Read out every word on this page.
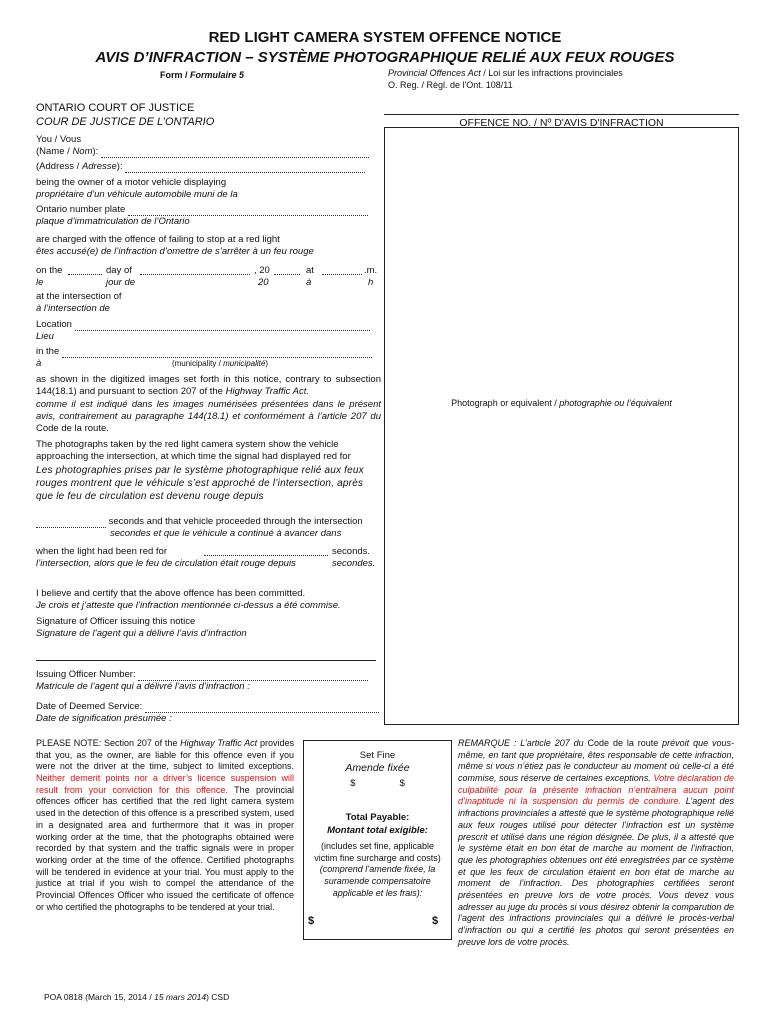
RED LIGHT CAMERA SYSTEM OFFENCE NOTICE
AVIS D’INFRACTION – SYSTÈME PHOTOGRAPHIQUE RELIÉ AUX FEUX ROUGES
Form / Formulaire 5	Provincial Offences Act / Loi sur les infractions provinciales
O. Reg. / Règl. de l'Ont. 108/11
ONTARIO COURT OF JUSTICE
COUR DE JUSTICE DE L’ONTARIO	OFFENCE NO. / Nº D'AVIS D'INFRACTION
Photograph or equivalent / photographie ou l’équivalent
You / Vous
(Name / Nom):
(Address / Adresse):
being the owner of a motor vehicle displaying
propriétaire d’un véhicule automobile muni de la
Ontario number plate
plaque d’immatriculation de l’Ontario
are charged with the offence of failing to stop at a red light
êtes accusé(e) de l’infraction d’omettre de s’arrêter à un feu rouge
on the
le
day of
jour de
, 20
20
at
à
.m.
h
at the intersection of
à l’intersection de
Location
Lieu
in the
à	(municipality / municipalité)
as shown in the digitized images set forth in this notice, contrary to subsection 144(18.1) and pursuant to section 207 of the Highway Traffic Act.
comme il est indiqué dans les images numérisées présentées dans le présent avis, contrairement au paragraphe 144(18.1) et conformément à l’article 207 du Code de la route.
The photographs taken by the red light camera system show the vehicle approaching the intersection, at which time the signal had displayed red for
Les photographies prises par le système photographique relié aux feux rouges montrent que le véhicule s’est approché de l’intersection, après que le feu de circulation est devenu rouge depuis
seconds and that vehicle proceeded through the intersection
secondes et que le véhicule a continué à avancer dans
when the light had been red for	seconds.
l’intersection, alors que le feu de circulation était rouge depuis	secondes.
I believe and certify that the above offence has been committed.
Je crois et j’atteste que l’infraction mentionnée ci-dessus a été commise.
Signature of Officer issuing this notice
Signature de l’agent qui a délivré l’avis d’infraction
Issuing Officer Number:
Matricule de l’agent qui a délivré l’avis d’infraction :
Date of Deemed Service:
Date de signification présumée :
PLEASE NOTE: Section 207 of the Highway Traffic Act provides that you, as the owner, are liable for this offence even if you were not the driver at the time, subject to limited exceptions. Neither demerit points nor a driver’s licence suspension will result from your conviction for this offence. The provincial offences officer has certified that the red light camera system used in the detection of this offence is a prescribed system, used in a designated area and furthermore that it was in proper working order at the time, that the photographs obtained were recorded by that system and the traffic signals were in proper working order at the time of the offence. Certified photographs will be tendered in evidence at your trial. You must apply to the justice at trial if you wish to compel the attendance of the Provincial Offences Officer who issued the certificate of offence or who certified the photographs to be tendered at your trial.
Set Fine
Amende fixée
$	$
Total Payable:
Montant total exigible:
(includes set fine, applicable victim fine surcharge and costs)
(comprend l’amende fixée, la suramende compensatoire applicable et les frais):
$	$
REMARQUE : L’article 207 du Code de la route prévoit que vous-même, en tant que propriétaire, êtes responsable de cette infraction, même si vous n’étiez pas le conducteur au moment où celle-ci a été commise, sous réserve de certaines exceptions. Votre déclaration de culpabilité pour la présente infraction n’entraînera aucun point d’inaptitude ni la suspension du permis de conduire. L’agent des infractions provinciales a attesté que le système photographique relié aux feux rouges utilisé pour détecter l’infraction est un système prescrit et utilisé dans une région désignée. De plus, il a attesté que le système était en bon état de marche au moment de l’infraction, que les photographies obtenues ont été enregistrées par ce système et que les feux de circulation étaient en bon état de marche au moment de l’infraction. Des photographies certifiées seront présentées en preuve lors de votre procès. Vous devez vous adresser au juge du procès si vous désirez obtenir la comparution de l’agent des infractions provinciales qui a délivré le procès-verbal d’infraction ou qui a certifié les photos qui seront présentées en preuve lors de votre procès.
POA 0818 (March 15, 2014 / 15 mars 2014) CSD
